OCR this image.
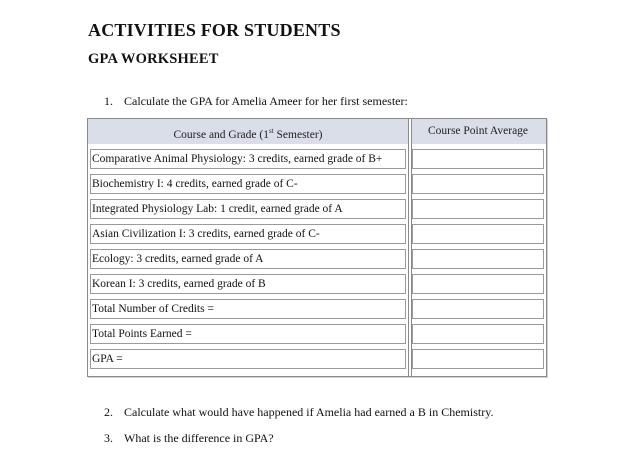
ACTIVITIES FOR STUDENTS
GPA WORKSHEET
1. Calculate the GPA for Amelia Ameer for her first semester:
Course and Grade (1st Semester)	Course Point Average
Comparative Animal Physiology: 3 credits, earned grade of B+
Biochemistry I: 4 credits, earned grade of C-
Integrated Physiology Lab: 1 credit, earned grade of A
Asian Civilization I: 3 credits, earned grade of C-
Ecology: 3 credits, earned grade of A
Korean I: 3 credits, earned grade of B
Total Number of Credits =
Total Points Earned =
GPA =
2. Calculate what would have happened if Amelia had earned a B in Chemistry.
3. What is the difference in GPA?
